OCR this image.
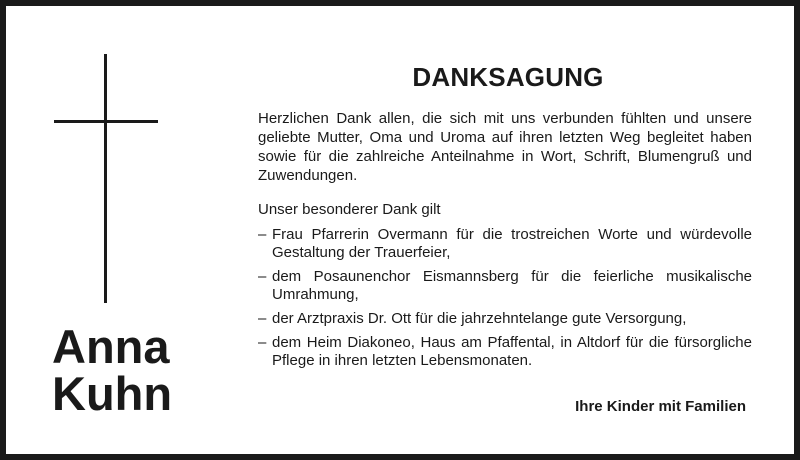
Anna
Kuhn
DANKSAGUNG
Herzlichen Dank allen, die sich mit uns verbunden fühlten und unsere geliebte Mutter, Oma und Uroma auf ihren letzten Weg begleitet haben sowie für die zahlreiche Anteilnahme in Wort, Schrift, Blumengruß und Zuwendungen.
Unser besonderer Dank gilt
– Frau Pfarrerin Overmann für die trostreichen Worte und würdevolle Gestaltung der Trauerfeier,
– dem Posaunenchor Eismannsberg für die feierliche musikalische Umrahmung,
– der Arztpraxis Dr. Ott für die jahrzehntelange gute Versorgung,
– dem Heim Diakoneo, Haus am Pfaffental, in Altdorf für die fürsorgliche Pflege in ihren letzten Lebensmonaten.
Ihre Kinder mit Familien
